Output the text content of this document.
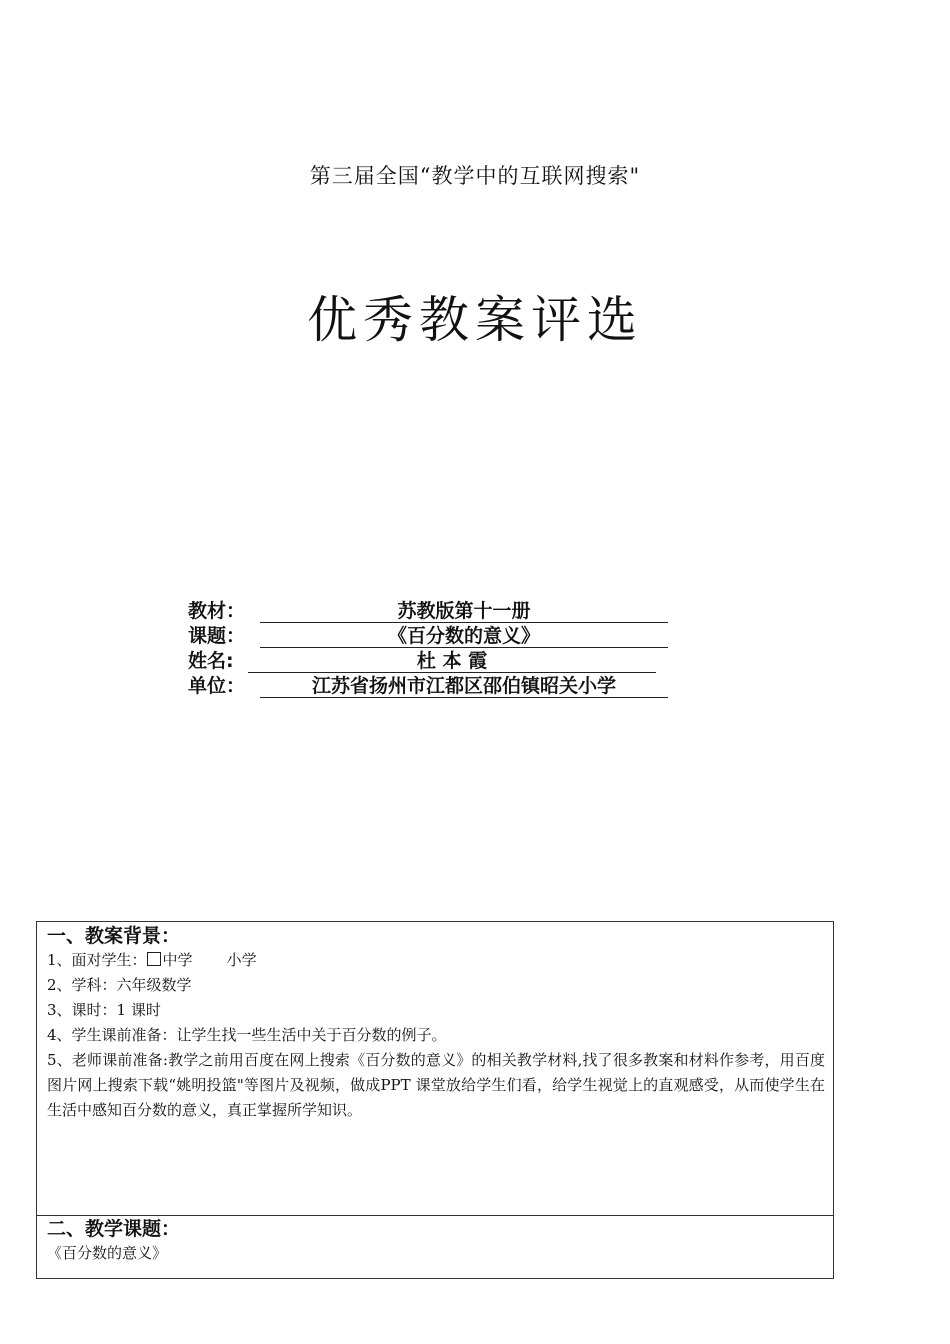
第三届全国“教学中的互联网搜索"
优秀教案评选
教材：	苏教版第十一册
课题：	《百分数的意义》
姓名:	杜 本 霞
单位：	江苏省扬州市江都区邵伯镇昭关小学
一、教案背景：
1、面对学生： 中学 小学
2、学科：六年级数学
3、课时：1 课时
4、学生课前准备：让学生找一些生活中关于百分数的例子。
5、老师课前准备:教学之前用百度在网上搜索《百分数的意义》的相关教学材料,找了很多教案和材料作参考，用百度图片网上搜索下载“姚明投篮"等图片及视频，做成PPT 课堂放给学生们看，给学生视觉上的直观感受，从而使学生在生活中感知百分数的意义，真正掌握所学知识。
二、教学课题：
《百分数的意义》
